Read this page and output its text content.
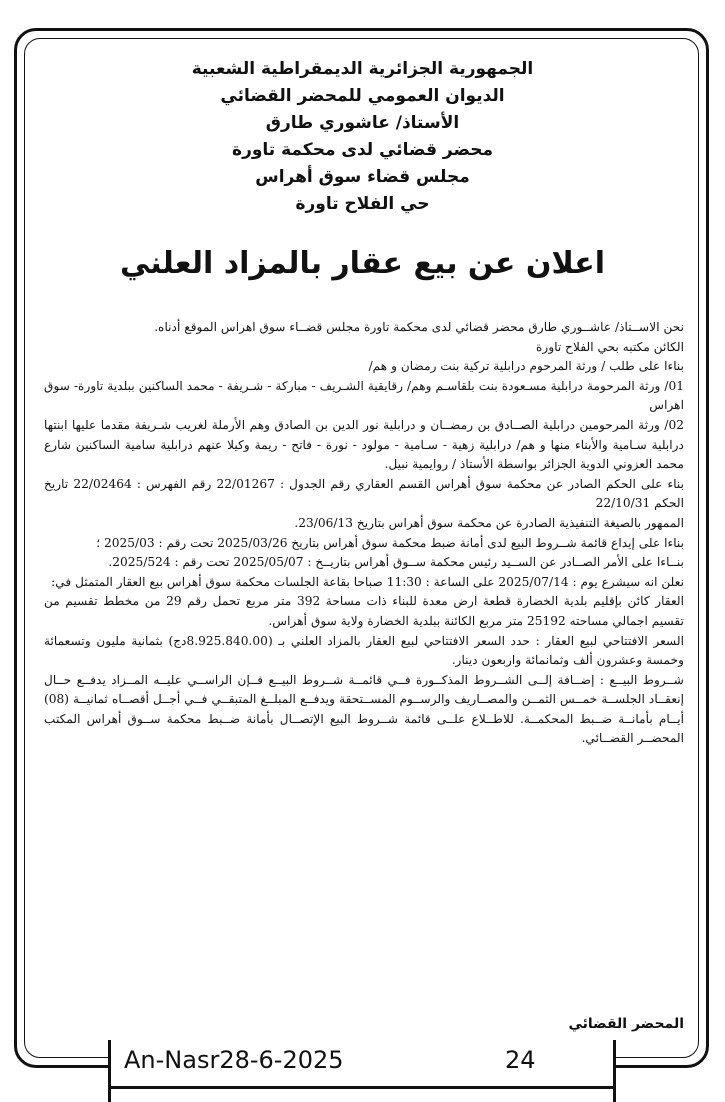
الجمهورية الجزائرية الديمقراطية الشعبية
الديوان العمومي للمحضر القضائي
الأستاذ/ عاشوري طارق
محضر قضائي لدى محكمة تاورة
مجلس قضاء سوق أهراس
حي الفلاح تاورة
اعلان عن بيع عقار بالمزاد العلني

نحن الاســتاذ/ عاشــوري طارق محضر قضائي لدى محكمة تاورة مجلس قضــاء سوق اهراس الموقع أدناه.

الكائن مكتبه بحي الفلاح تاورة

بناءا على طلب / ورثة المرحوم درابلية تركية بنت رمضان و هم/

01/ ورثة المرحومة درابلية مسـعودة بنت بلقاسـم وهم/ رقايقية الشـريف - مباركة - شـريفة - محمد الساكنين ببلدية تاورة- سوق اهراس

02/ ورثة المرحومين درابلية الصــادق بن رمضــان و درابلية نور الدين بن الصادق وهم الأرملة لغريب شـريفة مقدما عليها ابنتها درابلية سـامية والأبناء منها و هم/ درابلية زهية - سـامية - مولود - نورة - فاتح - ريمة وكيلا عنهم درابلية سامية الساكنين شارع محمد العزوني الدوية الجزائر بواسطة الأستاذ / روايمية نبيل.

بناء على الحكم الصادر عن محكمة سوق أهراس القسم العقاري رقم الجدول : 22/01267 رقم الفهرس : 22/02464 تاريخ الحكم 22/10/31

الممهور بالصيغة التنفيذية الصادرة عن محكمة سوق أهراس بتاريخ 23/06/13.

بناءا على إيداع قائمة شــروط البيع لدى أمانة ضبط محكمة سوق أهراس بتاريخ 2025/03/26 تحت رقم : 2025/03 ؛

بنــاءا على الأمر الصــادر عن الســيد رئيس محكمة ســوق أهراس بتاريــخ : 2025/05/07 تحت رقم : 2025/524.

نعلن انه سيشرع يوم : 2025/07/14 على الساعة : 11:30 صباحا بقاعة الجلسات محكمة سوق أهراس بيع العقار المتمثل في:

العقار كائن بإقليم بلدية الخضارة قطعة ارض معدة للبناء ذات مساحة 392 متر مربع تحمل رقم 29 من مخطط تقسيم من تقسيم اجمالي مساحته 25192 متر مربع الكائنة ببلدية الخضارة ولاية سوق أهراس.

السعر الافتتاحي لبيع العقار : حدد السعر الافتتاحي لبيع العقار بالمزاد العلني بـ (8.925.840.00دج) بثمانية مليون وتسعمائة وخمسة وعشرون ألف وثمانمائة واربعون دينار.

شــروط البيــع : إضــافة إلــى الشــروط المذكــورة فــي قائمــة شــروط البيــع فــإن الراســي عليــه المــزاد يدفــع حــال إنعقــاد الجلســة خمــس الثمــن والمصــاريف والرســوم المســتحقة ويدفــع المبلــغ المتبقــي فــي أجــل أقصــاه ثمانيــة (08) أيــام بأمانــة ضــبط المحكمــة. للاطــلاع علــى قائمة شــروط البيع الإتصــال بأمانة ضــبط محكمة ســوق أهراس المكتب المحضــر القضــائي.

المحضر القضائي
An-Nasr28-6-2025	24
